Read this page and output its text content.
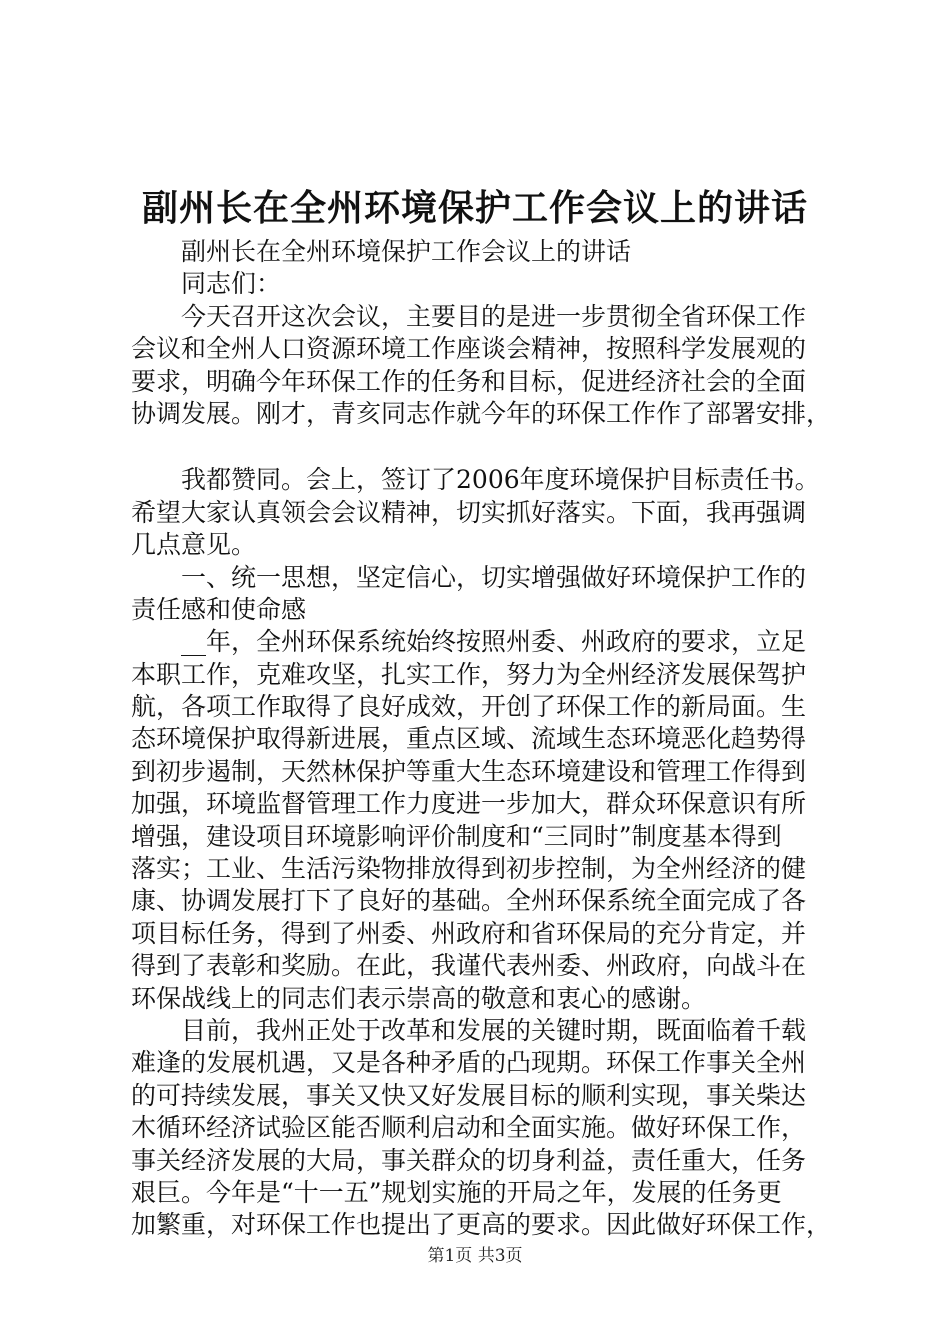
副州长在全州环境保护工作会议上的讲话
副州长在全州环境保护工作会议上的讲话
同志们：
今天召开这次会议，主要目的是进一步贯彻全省环保工作
会议和全州人口资源环境工作座谈会精神，按照科学发展观的
要求，明确今年环保工作的任务和目标，促进经济社会的全面
协调发展。刚才，青亥同志作就今年的环保工作作了部署安排，
我都赞同。会上，签订了2006年度环境保护目标责任书。
希望大家认真领会会议精神，切实抓好落实。下面，我再强调
几点意见。
一、统一思想，坚定信心，切实增强做好环境保护工作的
责任感和使命感
__年，全州环保系统始终按照州委、州政府的要求，立足
本职工作，克难攻坚，扎实工作，努力为全州经济发展保驾护
航，各项工作取得了良好成效，开创了环保工作的新局面。生
态环境保护取得新进展，重点区域、流域生态环境恶化趋势得
到初步遏制，天然林保护等重大生态环境建设和管理工作得到
加强，环境监督管理工作力度进一步加大，群众环保意识有所
增强，建设项目环境影响评价制度和“三同时”制度基本得到
落实；工业、生活污染物排放得到初步控制，为全州经济的健
康、协调发展打下了良好的基础。全州环保系统全面完成了各
项目标任务，得到了州委、州政府和省环保局的充分肯定，并
得到了表彰和奖励。在此，我谨代表州委、州政府，向战斗在
环保战线上的同志们表示崇高的敬意和衷心的感谢。
目前，我州正处于改革和发展的关键时期，既面临着千载
难逢的发展机遇，又是各种矛盾的凸现期。环保工作事关全州
的可持续发展，事关又快又好发展目标的顺利实现，事关柴达
木循环经济试验区能否顺利启动和全面实施。做好环保工作，
事关经济发展的大局，事关群众的切身利益，责任重大，任务
艰巨。今年是“十一五”规划实施的开局之年，发展的任务更
加繁重，对环保工作也提出了更高的要求。因此做好环保工作，
第1页 共3页
